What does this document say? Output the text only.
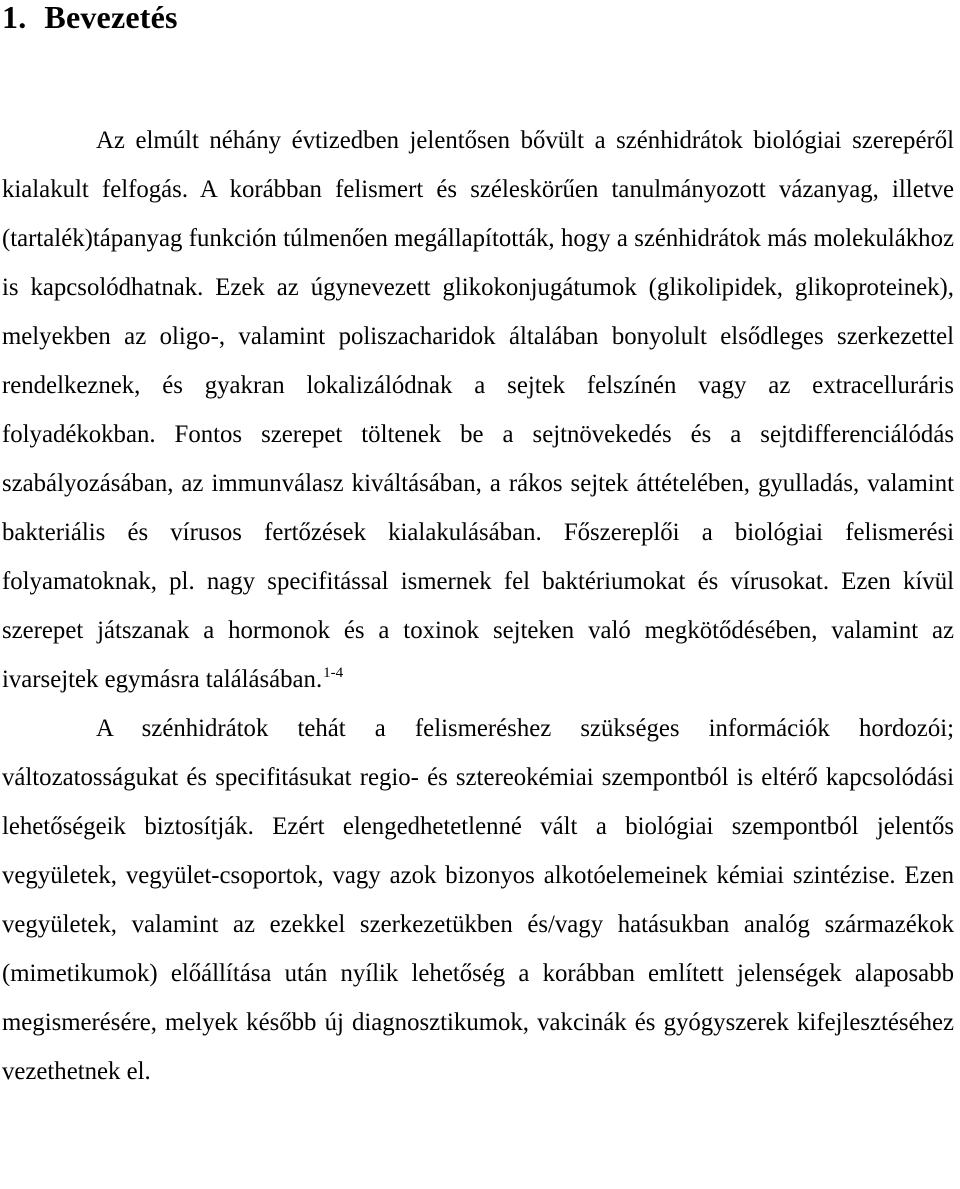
1. Bevezetés

Az elmúlt néhány évtizedben jelentősen bővült a szénhidrátok biológiai szerepéről kialakult felfogás. A korábban felismert és széleskörűen tanulmányozott vázanyag, illetve (tartalék)tápanyag funkción túlmenően megállapították, hogy a szénhidrátok más molekulákhoz is kapcsolódhatnak. Ezek az úgynevezett glikokonjugátumok (glikolipidek, glikoproteinek), melyekben az oligo-, valamint poliszacharidok általában bonyolult elsődleges szerkezettel rendelkeznek, és gyakran lokalizálódnak a sejtek felszínén vagy az extracelluráris folyadékokban. Fontos szerepet töltenek be a sejtnövekedés és a sejtdifferenciálódás szabályozásában, az immunválasz kiváltásában, a rákos sejtek áttételében, gyulladás, valamint bakteriális és vírusos fertőzések kialakulásában. Főszereplői a biológiai felismerési folyamatoknak, pl. nagy specifitással ismernek fel baktériumokat és vírusokat. Ezen kívül szerepet játszanak a hormonok és a toxinok sejteken való megkötődésében, valamint az ivarsejtek egymásra találásában.$^{1-4}$

A szénhidrátok tehát a felismeréshez szükséges információk hordozói; változatosságukat és specifitásukat regio- és sztereokémiai szempontból is eltérő kapcsolódási lehetőségeik biztosítják. Ezért elengedhetetlenné vált a biológiai szempontból jelentős vegyületek, vegyület-csoportok, vagy azok bizonyos alkotóelemeinek kémiai szintézise. Ezen vegyületek, valamint az ezekkel szerkezetükben és/vagy hatásukban analóg származékok (mimetikumok) előállítása után nyílik lehetőség a korábban említett jelenségek alaposabb megismerésére, melyek később új diagnosztikumok, vakcinák és gyógyszerek kifejlesztéséhez vezethetnek el.
